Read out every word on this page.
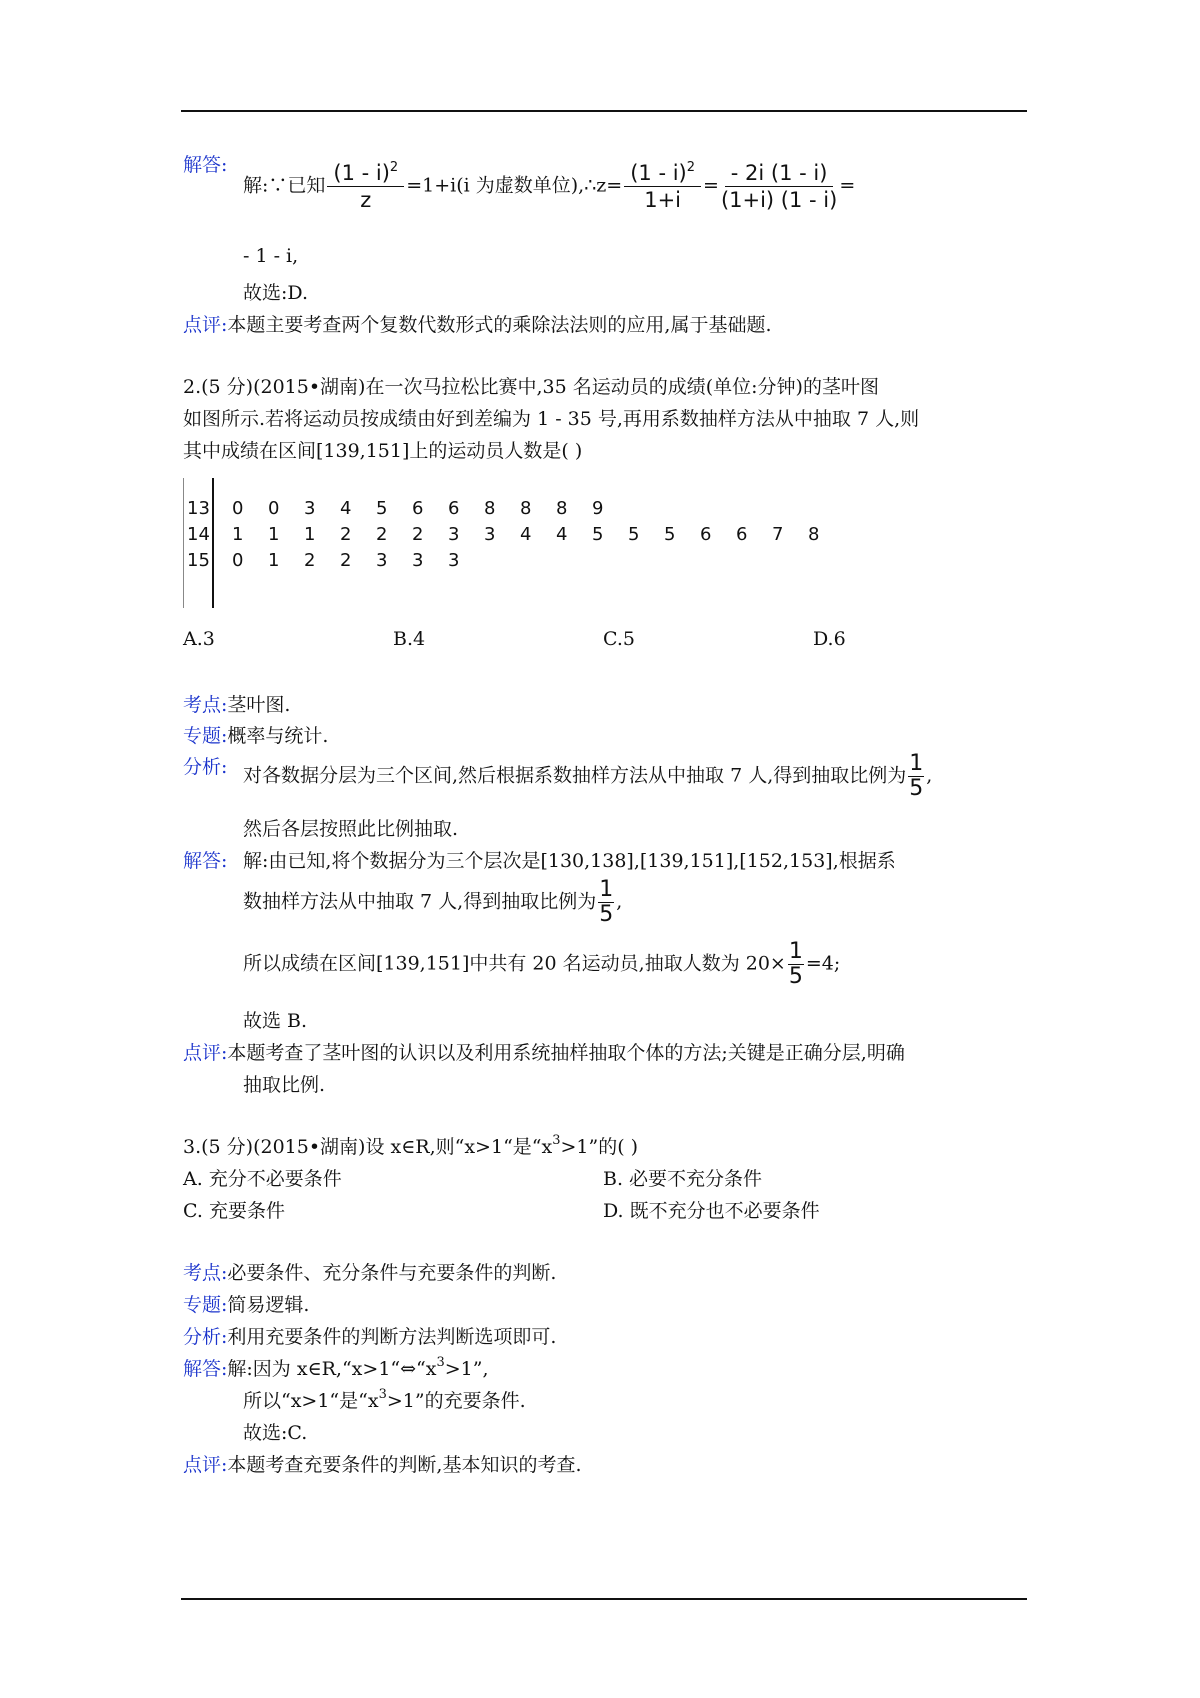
解答:
解:∵已知 $\frac{(1 - i)^2}{z} =1+i(i$ 为虚数单位),∴z= $\frac{(1 - i)^2}{1+i} = \frac{- 2i (1 - i)}{(1+i) (1 - i)}$ =
- 1 - i,
故选:D.
点评:本题主要考查两个复数代数形式的乘除法法则的应用,属于基础题.
2.(5 分)(2015•湖南)在一次马拉松比赛中,35 名运动员的成绩(单位:分钟)的茎叶图
如图所示.若将运动员按成绩由好到差编为 1 - 35 号,再用系数抽样方法从中抽取 7 人,则
其中成绩在区间[139,151]上的运动员人数是( )
13 0 0 3 4 5 6 6 8 8 8 9
14 1 1 1 2 2 2 3 3 4 4 5 5 5 6 6 7 8
15 0 1 2 2 3 3 3
A.3	B.4	C.5	D.6
考点:茎叶图.
专题:概率与统计.
分析: 对各数据分层为三个区间,然后根据系数抽样方法从中抽取 7 人,得到抽取比例为 $\frac{1}{5}$ ,
然后各层按照此比例抽取.
解答: 解:由已知,将个数据分为三个层次是[130,138],[139,151],[152,153],根据系
数抽样方法从中抽取 7 人,得到抽取比例为 $\frac{1}{5}$ ,
所以成绩在区间[139,151]中共有 20 名运动员,抽取人数为 $20\times \frac{1}{5} =4$;
故选 B.
点评:本题考查了茎叶图的认识以及利用系统抽样抽取个体的方法;关键是正确分层,明确
抽取比例.
3.(5 分)(2015•湖南)设 x∈R,则“x>1“是“$x^3>1$”的( )
A. 充分不必要条件	B. 必要不充分条件
C. 充要条件	D. 既不充分也不必要条件
考点:必要条件、充分条件与充要条件的判断.
专题:简易逻辑.
分析:利用充要条件的判断方法判断选项即可.
解答:解:因为 $x\in R,“x>1“\Leftrightarrow“x^3>1$”,
所以“x>1“是“$x^3>1$”的充要条件.
故选:C.
点评:本题考查充要条件的判断,基本知识的考查.
